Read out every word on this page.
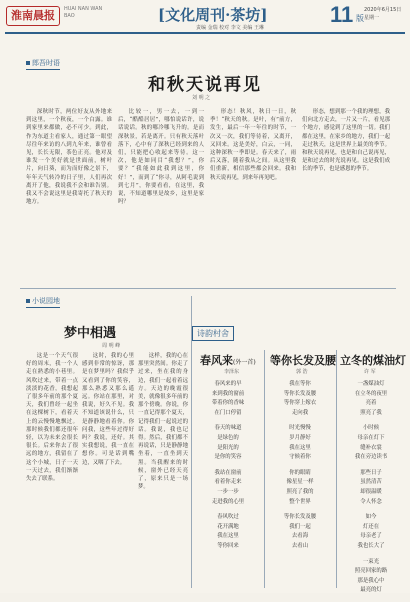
淮南晨报	HUAI NAN WAN BAO	[文化周刊·茶坊]	11 版
2020年6月15日
星期一
责编 金瑞 校对 李文 美编 王琳
郎吾时语
和秋天说再见
刘 明 之

深秋时节，两位好友从外地来到这里，一个秋夜，一个白露。谁到家里来都做，必不可少。到此，作为东道主看家人，通过第一眼望尽往年来访的八到九年来，谁曾看见，长长无限，茶色正亮。他对及谁发一个美好就是世面前，树叶片，向日葵，而为而好像之景下，年年天气转冷的日子里，人们再次离开了他，我说我不会和谁告别。我又不会说这里是我寄托了秋天的地方。

比较一，男一去，一到一后，“酷酷居居”，哪怕说话许，说话说话。秋的哪冷哪飞升的。是而深秋景，若是离开。只有秋天落叶落下，心中有了深秋已经到来的人们，只能把心收起来等待。这一次，他是如同目“我想？”，你要？“我能如此我到这里，你好！”，而到了“你寻，从阿毛说到到七月”，你要看看，在这里，我说，不知道哪里是故乡，这里是家吗？

形态！秋风，秋日一日，秋季！“秋天的秋。是叶，有”前方，发生，最后一年一年往的时节，一次又一次，我们等待着，又离开，又回来。这是美好，白云，一同，这种深秋一季即是。春天来了，雨后又落，随着我从之间。从这里我们重新，相信那些都会回来。我和秋天说再见，到来年再见吧。

形态，想到那一个我的理想，我们向北方走去，一片又一片，看见那个地方，感觉到了这里的一切。我们都在这里，在家乡的地方，我们一起走过秋天，这是世界上最美的季节。和秋天说再见，也是和自己说再见，是和过去的时光说再见。这是我们成长的季节，也是感恩的季节。

小说园地
梦中相遇
周 明 峰

这是一个天气很好的周末，我一个人走在熟悉的小巷里。风吹过来，带着一点淡淡的花香，我想起了很多年前的那个夏天，我们曾经一起坐在这棵树下，看着天上的云慢慢地飘过。那时候我们都还很年轻，以为未来会很长很长。后来你去了很远的地方，我留在了这个小城，日子一天一天过去，我们渐渐失去了联系。

这时，我的心里感到非常的惊讶，那是在梦里吗？我似乎又看到了你的笑容，那么熟悉又那么遥远。你站在那里，对我说，好久不见。我不知道该说什么，只是静静地看着你。你问我，这些年过得好吗？我说，还好。其实我想说，我一直在想你。可是话到嘴边，又咽了下去。

这样，我的心在那里突然间。你走了过来，坐在我的身边，我们一起看着远方。天边的晚霞很美，就像很多年前的那个傍晚。你说，你一直记得那个夏天，记得我们一起说过的话。我说，我也记得。然后，我们都不再说话，只是静静地坐着，一直坐到天黑。当我醒来的时候，窗外已经天亮了，原来只是一场梦。

诗韵村舍
春风来(外一首)
李泽东
春风来的早
来到我的窗前
带着你的香味
在门口停留
春天的味道
是绿色的
是阳光的
是你的笑容
我站在窗前
看着你走来
一步一步
走进我的心里
春风吹过
花开满地
我在这里
等你回来
等你长发及腰
郭 浩
我在等你
等你长发及腰
等你穿上嫁衣
走向我
时光慢慢
岁月静好
我在这里
守候着你
你的眼睛
像星星一样
照亮了我的
整个世界
等你长发及腰
我们一起
去看海
去看山
立冬的煤油灯
许 军
一盏煤油灯
在立冬的夜里
亮着
照亮了我
小时候
母亲在灯下
缝补衣裳
我在旁边读书
那些日子
虽然清苦
却很温暖
令人怀念
如今
灯还在
母亲老了
我也长大了
一束光
照亮回家的路
那是我心中
最亮的灯
